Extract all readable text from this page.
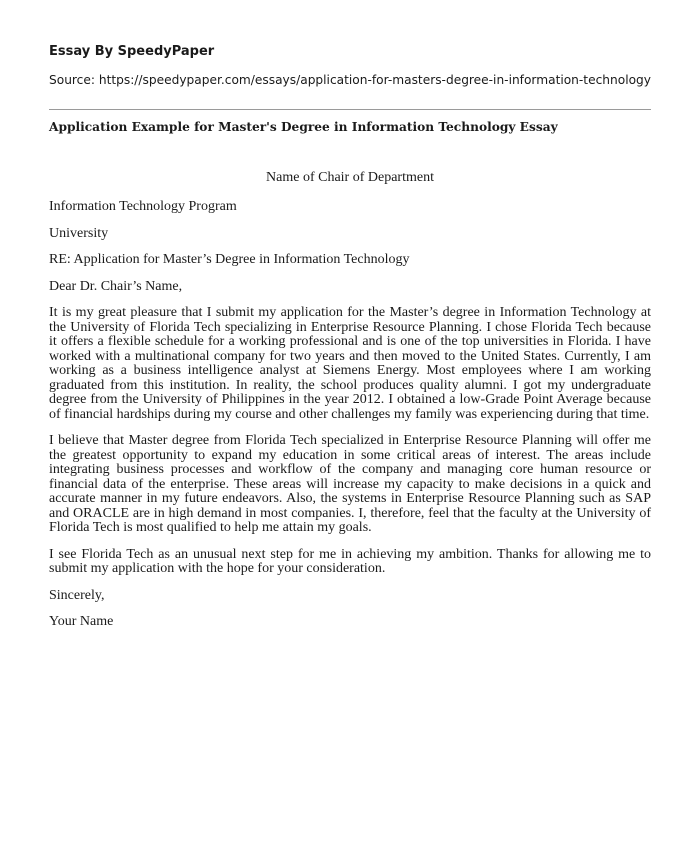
Essay By SpeedyPaper

Source: https://speedypaper.com/essays/application-for-masters-degree-in-information-technology

Application Example for Master's Degree in Information Technology Essay

Name of Chair of Department

Information Technology Program

University

RE: Application for Master’s Degree in Information Technology

Dear Dr. Chair’s Name,

It is my great pleasure that I submit my application for the Master’s degree in Information Technology at the University of Florida Tech specializing in Enterprise Resource Planning. I chose Florida Tech because it offers a flexible schedule for a working professional and is one of the top universities in Florida. I have worked with a multinational company for two years and then moved to the United States. Currently, I am working as a business intelligence analyst at Siemens Energy. Most employees where I am working graduated from this institution. In reality, the school produces quality alumni. I got my undergraduate degree from the University of Philippines in the year 2012. I obtained a low-Grade Point Average because of financial hardships during my course and other challenges my family was experiencing during that time.

I believe that Master degree from Florida Tech specialized in Enterprise Resource Planning will offer me the greatest opportunity to expand my education in some critical areas of interest. The areas include integrating business processes and workflow of the company and managing core human resource or financial data of the enterprise. These areas will increase my capacity to make decisions in a quick and accurate manner in my future endeavors. Also, the systems in Enterprise Resource Planning such as SAP and ORACLE are in high demand in most companies. I, therefore, feel that the faculty at the University of Florida Tech is most qualified to help me attain my goals.

I see Florida Tech as an unusual next step for me in achieving my ambition. Thanks for allowing me to submit my application with the hope for your consideration.

Sincerely,

Your Name
